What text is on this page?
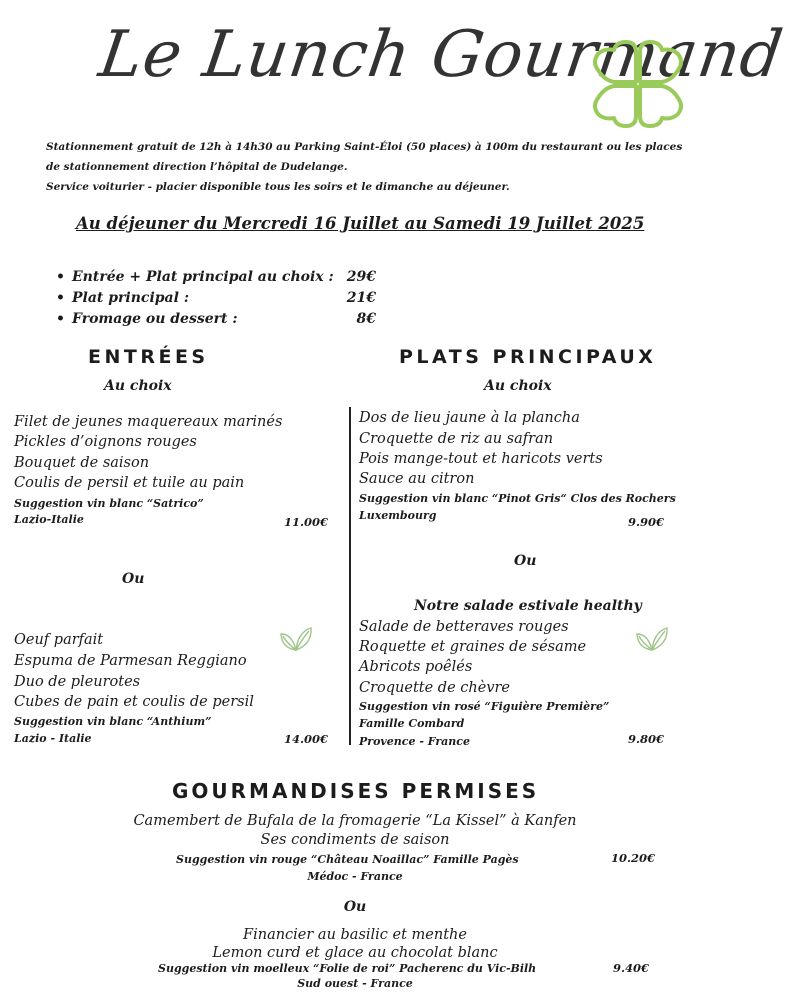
Le Lunch Gourmand
Stationnement gratuit de 12h à 14h30 au Parking Saint-Éloi (50 places) à 100m du restaurant ou les places
de stationnement direction l’hôpital de Dudelange.
Service voiturier - placier disponible tous les soirs et le dimanche au déjeuner.
Au déjeuner du Mercredi 16 Juillet au Samedi 19 Juillet 2025
• Entrée + Plat principal au choix : 29€
• Plat principal :	21€
• Fromage ou dessert :	8€
ENTRÉES
Au choix
Filet de jeunes maquereaux marinés
Pickles d’oignons rouges
Bouquet de saison
Coulis de persil et tuile au pain
Suggestion vin blanc “Satrico”
Lazio-Italie	11.00€
Ou
Oeuf parfait
Espuma de Parmesan Reggiano
Duo de pleurotes
Cubes de pain et coulis de persil
Suggestion vin blanc “Anthium”
Lazio - Italie	14.00€
PLATS PRINCIPAUX
Au choix
Dos de lieu jaune à la plancha
Croquette de riz au safran
Pois mange-tout et haricots verts
Sauce au citron
Suggestion vin blanc “Pinot Gris“ Clos des Rochers
Luxembourg	9.90€
Ou
Notre salade estivale healthy
Salade de betteraves rouges
Roquette et graines de sésame
Abricots poêlés
Croquette de chèvre
Suggestion vin rosé “Figuière Première”
Famille Combard
Provence - France	9.80€
GOURMANDISES PERMISES
Camembert de Bufala de la fromagerie “La Kissel” à Kanfen
Ses condiments de saison
Suggestion vin rouge “Château Noaillac” Famille Pagès
Médoc - France
10.20€
Ou
Financier au basilic et menthe
Lemon curd et glace au chocolat blanc
Suggestion vin moelleux “Folie de roi” Pacherenc du Vic-Bilh
Sud ouest - France
9.40€
